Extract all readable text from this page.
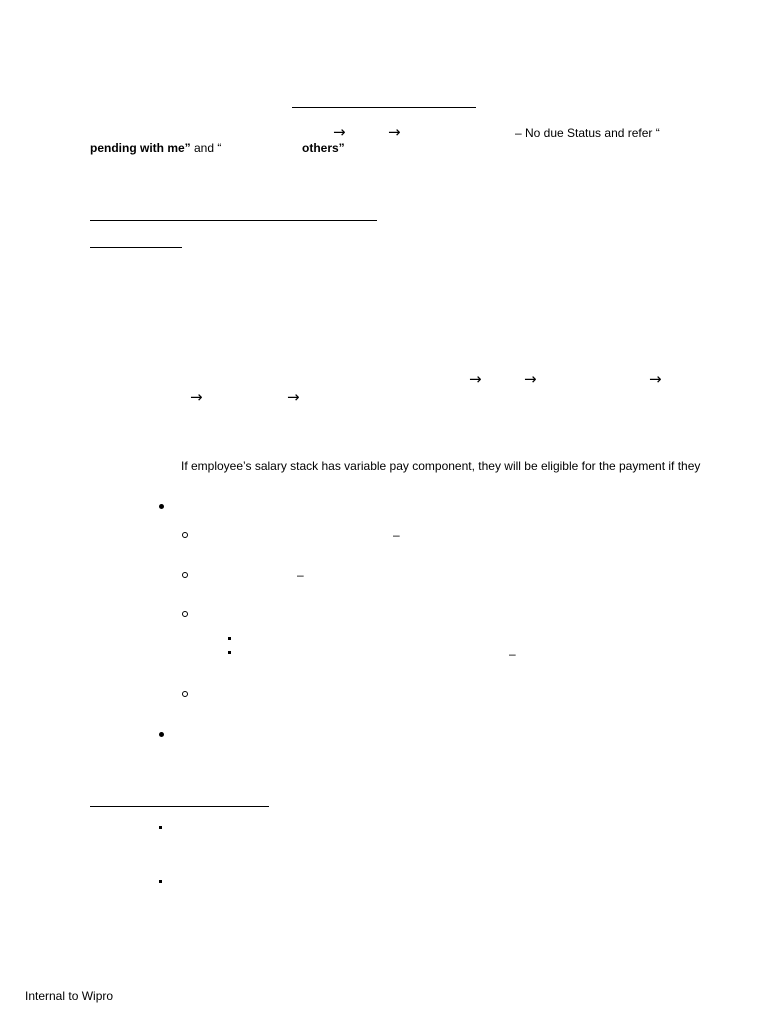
→	→	– No due Status and refer “
pending with me” and “	others”
→	→	→
→	→
If employee’s salary stack has variable pay component, they will be eligible for the payment if they
–
–
–
Internal to Wipro
